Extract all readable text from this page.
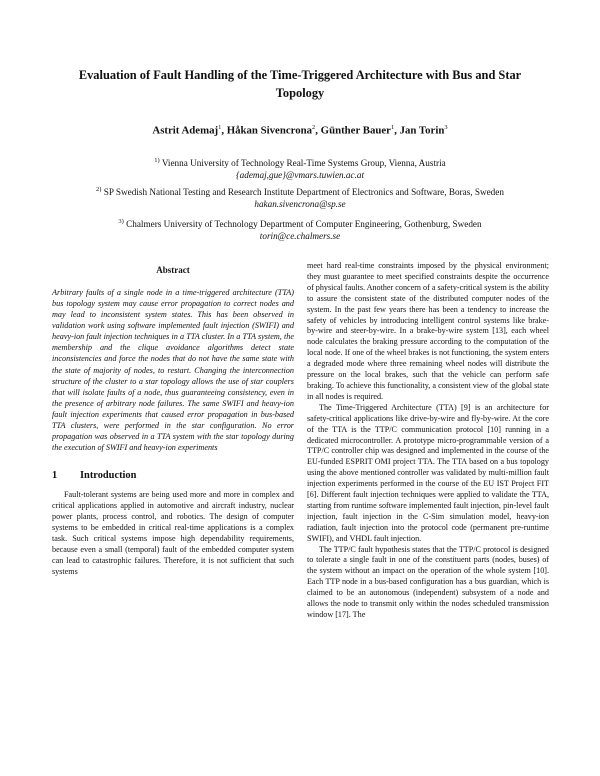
Evaluation of Fault Handling of the Time-Triggered Architecture with Bus and Star Topology
Astrit Ademaj$^1$, Håkan Sivencrona$^2$, Günther Bauer$^1$, Jan Torin$^3$
$^{1)}$ Vienna University of Technology Real-Time Systems Group, Vienna, Austria
{ademaj,gue}@vmars.tuwien.ac.at
$^{2)}$ SP Swedish National Testing and Research Institute Department of Electronics and Software, Boras, Sweden
hakan.sivencrona@sp.se
$^{3)}$ Chalmers University of Technology Department of Computer Engineering, Gothenburg, Sweden
torin@ce.chalmers.se
Abstract

Arbitrary faults of a single node in a time-triggered architecture (TTA) bus topology system may cause error propagation to correct nodes and may lead to inconsistent system states. This has been observed in validation work using software implemented fault injection (SWIFI) and heavy-ion fault injection techniques in a TTA cluster. In a TTA system, the membership and the clique avoidance algorithms detect state inconsistencies and force the nodes that do not have the same state with the state of majority of nodes, to restart. Changing the interconnection structure of the cluster to a star topology allows the use of star couplers that will isolate faults of a node, thus guaranteeing consistency, even in the presence of arbitrary node failures. The same SWIFI and heavy-ion fault injection experiments that caused error propagation in bus-based TTA clusters, were performed in the star configuration. No error propagation was observed in a TTA system with the star topology during the execution of SWIFI and heavy-ion experiments

1 Introduction

Fault-tolerant systems are being used more and more in complex and critical applications applied in automotive and aircraft industry, nuclear power plants, process control, and robotics. The design of computer systems to be embedded in critical real-time applications is a complex task. Such critical systems impose high dependability requirements, because even a small (temporal) fault of the embedded computer system can lead to catastrophic failures. Therefore, it is not sufficient that such systems

meet hard real-time constraints imposed by the physical environment; they must guarantee to meet specified constraints despite the occurrence of physical faults. Another concern of a safety-critical system is the ability to assure the consistent state of the distributed computer nodes of the system. In the past few years there has been a tendency to increase the safety of vehicles by introducing intelligent control systems like brake-by-wire and steer-by-wire. In a brake-by-wire system [13], each wheel node calculates the braking pressure according to the computation of the local node. If one of the wheel brakes is not functioning, the system enters a degraded mode where three remaining wheel nodes will distribute the pressure on the local brakes, such that the vehicle can perform safe braking. To achieve this functionality, a consistent view of the global state in all nodes is required.

The Time-Triggered Architecture (TTA) [9] is an architecture for safety-critical applications like drive-by-wire and fly-by-wire. At the core of the TTA is the TTP/C communication protocol [10] running in a dedicated microcontroller. A prototype micro-programmable version of a TTP/C controller chip was designed and implemented in the course of the EU-funded ESPRIT OMI project TTA. The TTA based on a bus topology using the above mentioned controller was validated by multi-million fault injection experiments performed in the course of the EU IST Project FIT [6]. Different fault injection techniques were applied to validate the TTA, starting from runtime software implemented fault injection, pin-level fault injection, fault injection in the C-Sim simulation model, heavy-ion radiation, fault injection into the protocol code (permanent pre-runtime SWIFI), and VHDL fault injection.

The TTP/C fault hypothesis states that the TTP/C protocol is designed to tolerate a single fault in one of the constituent parts (nodes, buses) of the system without an impact on the operation of the whole system [10]. Each TTP node in a bus-based configuration has a bus guardian, which is claimed to be an autonomous (independent) subsystem of a node and allows the node to transmit only within the nodes scheduled transmission window [17]. The
